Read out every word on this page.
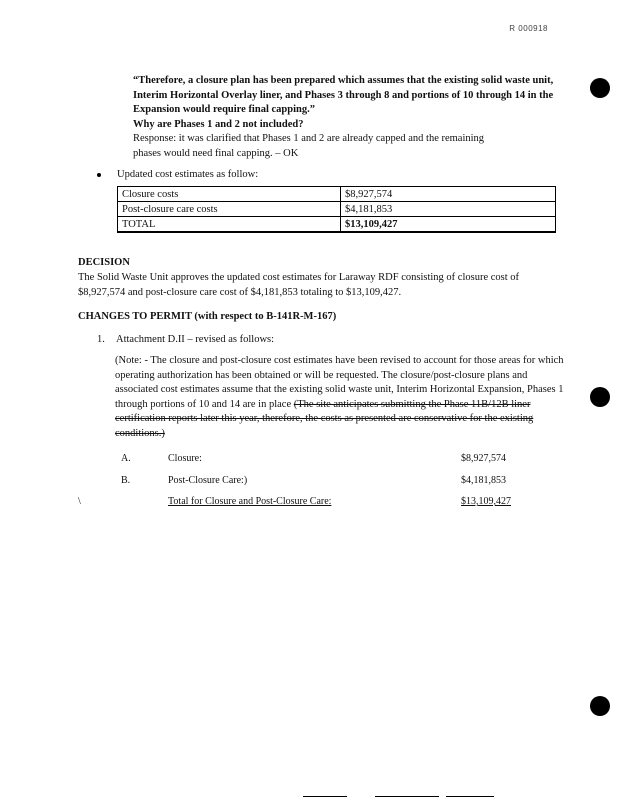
R 000918
“Therefore, a closure plan has been prepared which assumes that the existing solid waste unit, Interim Horizontal Overlay liner, and Phases 3 through 8 and portions of 10 through 14 in the Expansion would require final capping.”
Why are Phases 1 and 2 not included?
Response: it was clarified that Phases 1 and 2 are already capped and the remaining
phases would need final capping. – OK
Updated cost estimates as follow:
Closure costs	$8,927,574
Post-closure care costs	$4,181,853
TOTAL	$13,109,427
DECISION
The Solid Waste Unit approves the updated cost estimates for Laraway RDF consisting of closure cost of $8,927,574 and post-closure care cost of $4,181,853 totaling to $13,109,427.
CHANGES TO PERMIT (with respect to B-141R-M-167)
1. Attachment D.II – revised as follows:
(Note: - The closure and post-closure cost estimates have been revised to account for those areas for which operating authorization has been obtained or will be requested. The closure/post-closure plans and associated cost estimates assume that the existing solid waste unit, Interim Horizontal Expansion, Phases 1 through portions of 10 and 14 are in place (The site anticipates submitting the Phase 11B/12B liner certification reports later this year, therefore, the costs as presented are conservative for the existing conditions.)
A.	Closure:	$8,927,574
B.	Post-Closure Care:)	$4,181,853
\	Total for Closure and Post-Closure Care:	$13,109,427
